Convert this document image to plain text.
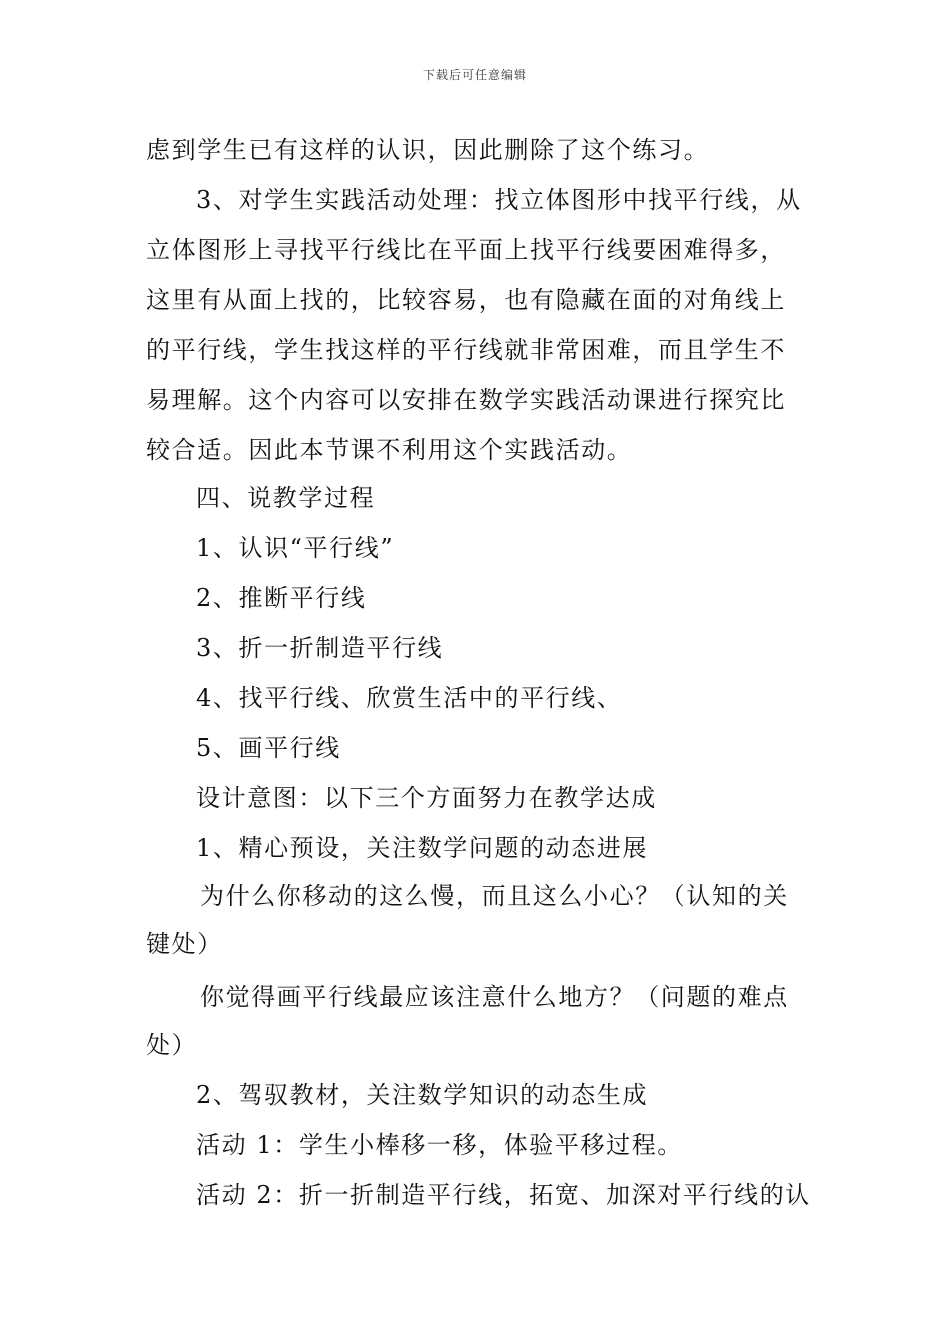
下载后可任意编辑
虑到学生已有这样的认识，因此删除了这个练习。
3、对学生实践活动处理：找立体图形中找平行线，从
立体图形上寻找平行线比在平面上找平行线要困难得多，
这里有从面上找的，比较容易，也有隐藏在面的对角线上
的平行线，学生找这样的平行线就非常困难，而且学生不
易理解。这个内容可以安排在数学实践活动课进行探究比
较合适。因此本节课不利用这个实践活动。
四、说教学过程
1、认识“平行线”
2、推断平行线
3、折一折制造平行线
4、找平行线、欣赏生活中的平行线、
5、画平行线
设计意图：以下三个方面努力在教学达成
1、精心预设，关注数学问题的动态进展
为什么你移动的这么慢，而且这么小心？（认知的关
键处）
你觉得画平行线最应该注意什么地方？（问题的难点
处）
2、驾驭教材，关注数学知识的动态生成
活动 1：学生小棒移一移，体验平移过程。
活动 2：折一折制造平行线，拓宽、加深对平行线的认
